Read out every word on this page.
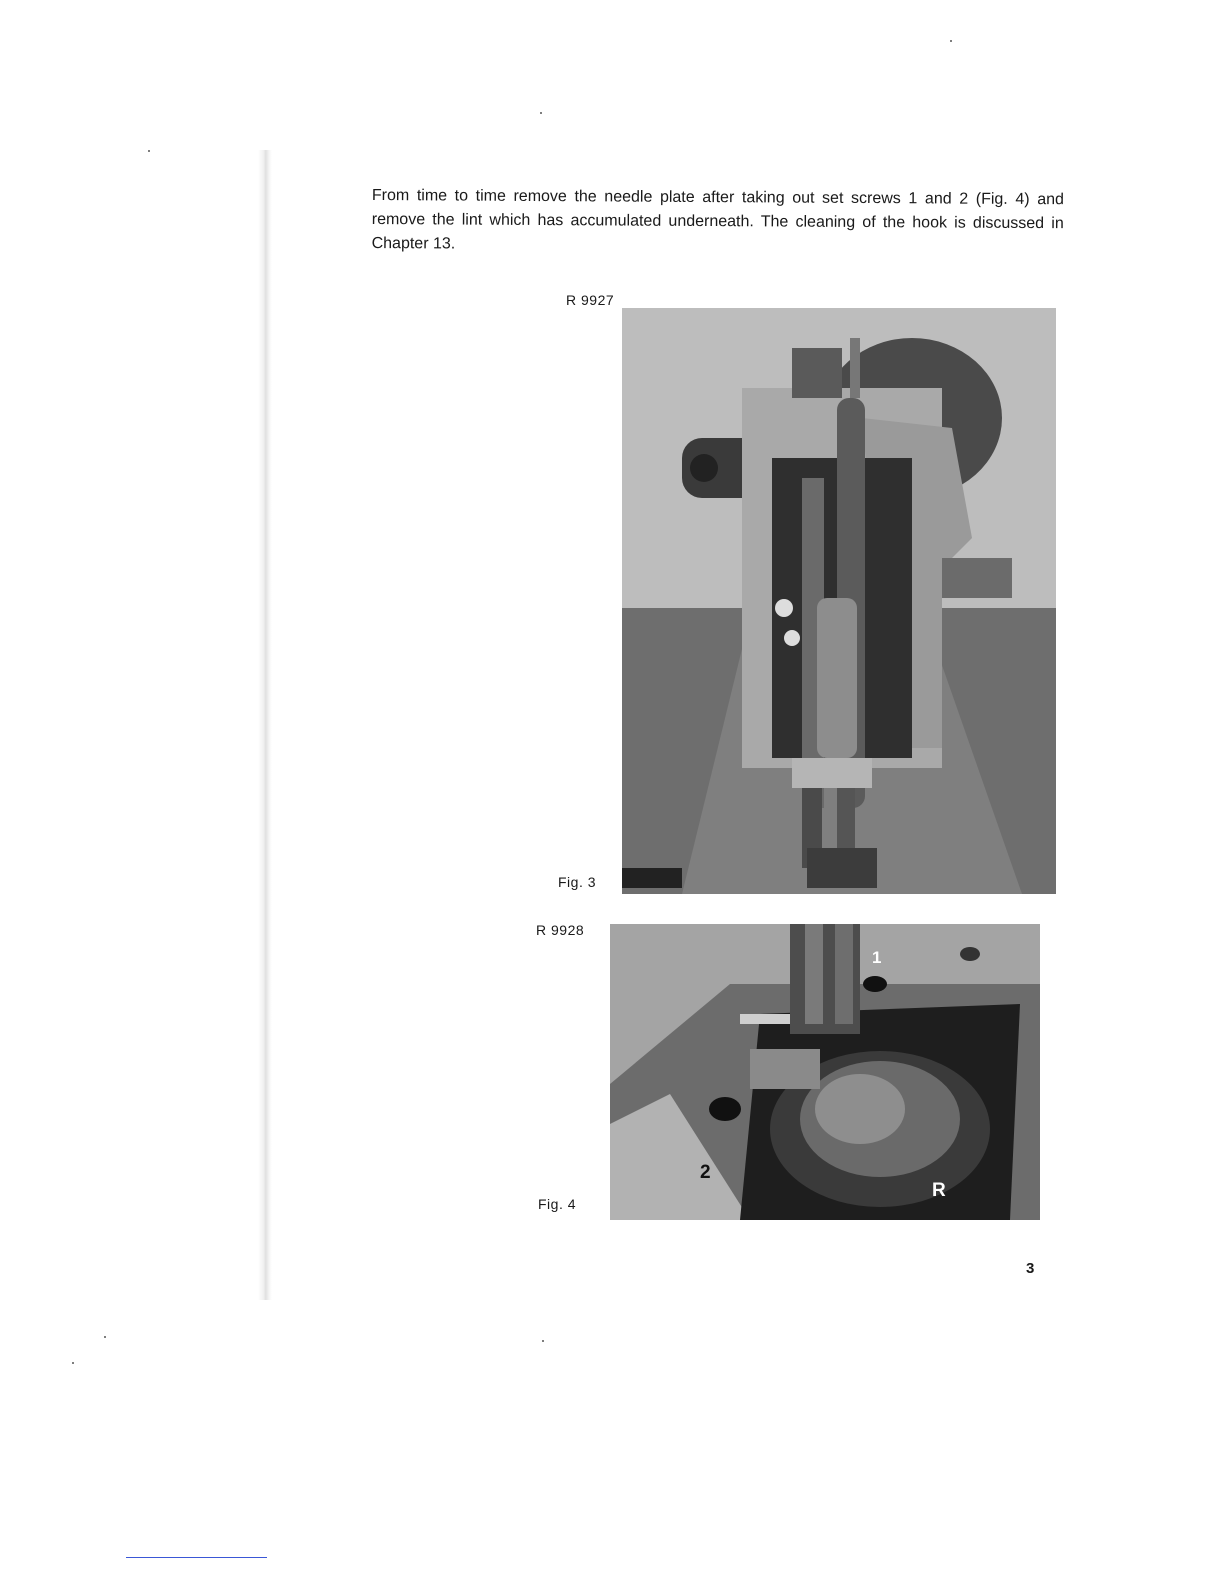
From time to time remove the needle plate after taking out set screws 1 and 2 (Fig. 4) and remove the lint which has accumulated underneath. The cleaning of the hook is discussed in Chapter 13.

R 9927
Fig. 3
R 9928
1
2
R
Fig. 4
3
